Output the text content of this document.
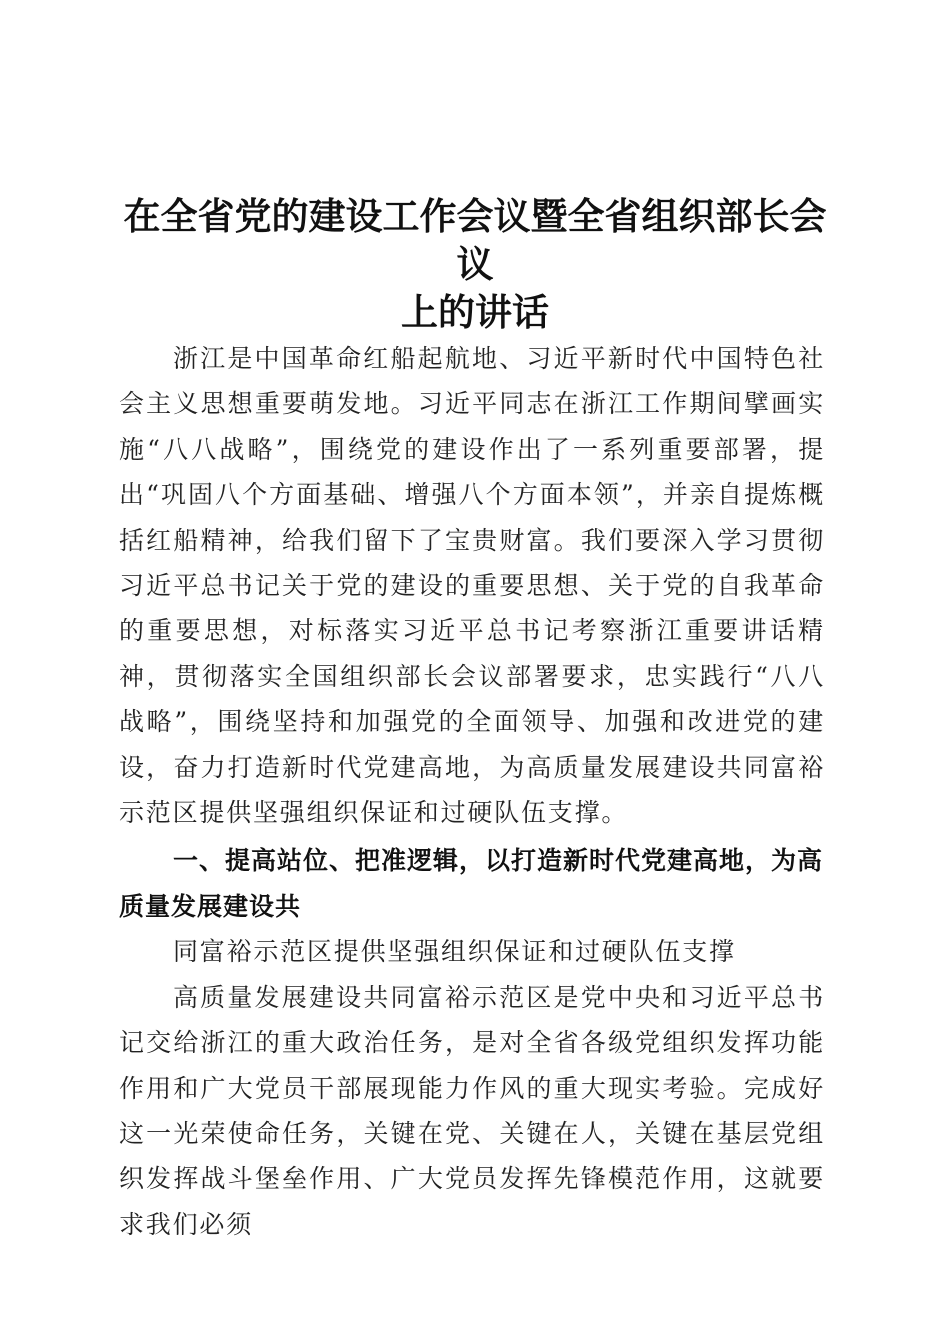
在全省党的建设工作会议暨全省组织部长会议
上的讲话

浙江是中国革命红船起航地、习近平新时代中国特色社会主义思想重要萌发地。习近平同志在浙江工作期间擘画实施“八八战略”，围绕党的建设作出了一系列重要部署，提出“巩固八个方面基础、增强八个方面本领”，并亲自提炼概括红船精神，给我们留下了宝贵财富。我们要深入学习贯彻习近平总书记关于党的建设的重要思想、关于党的自我革命的重要思想，对标落实习近平总书记考察浙江重要讲话精神，贯彻落实全国组织部长会议部署要求，忠实践行“八八战略”，围绕坚持和加强党的全面领导、加强和改进党的建设，奋力打造新时代党建高地，为高质量发展建设共同富裕示范区提供坚强组织保证和过硬队伍支撑。

一、提高站位、把准逻辑，以打造新时代党建高地，为高质量发展建设共

同富裕示范区提供坚强组织保证和过硬队伍支撑

高质量发展建设共同富裕示范区是党中央和习近平总书记交给浙江的重大政治任务，是对全省各级党组织发挥功能作用和广大党员干部展现能力作风的重大现实考验。完成好这一光荣使命任务，关键在党、关键在人，关键在基层党组织发挥战斗堡垒作用、广大党员发挥先锋模范作用，这就要求我们必须
